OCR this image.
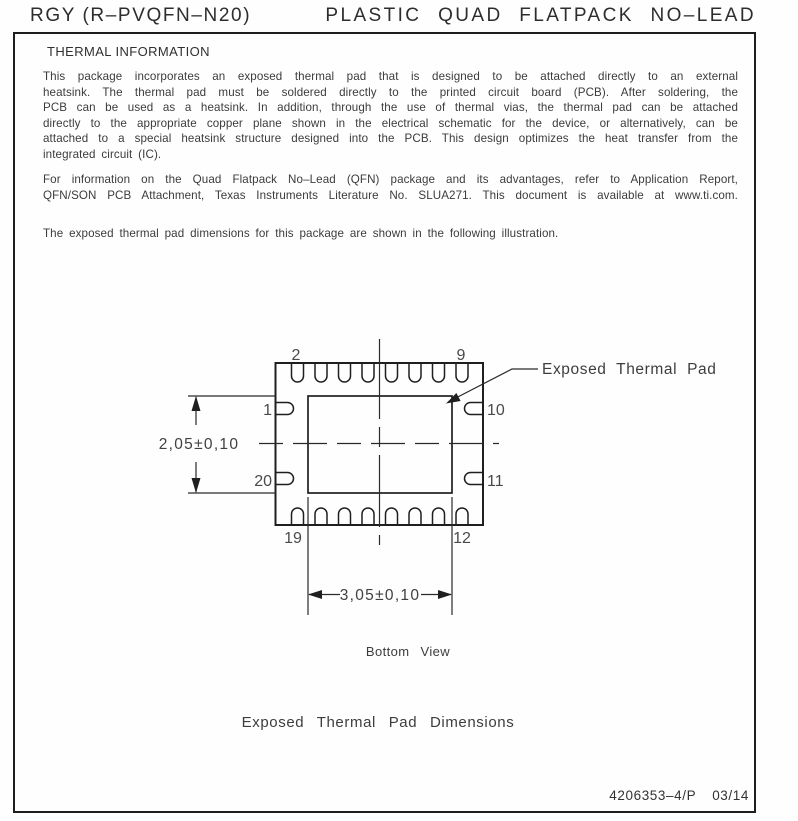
RGY (R–PVQFN–N20)	PLASTIC QUAD FLATPACK NO–LEAD
THERMAL INFORMATION
This package incorporates an exposed thermal pad that is designed to be attached directly to an external
heatsink. The thermal pad must be soldered directly to the printed circuit board (PCB). After soldering, the
PCB can be used as a heatsink. In addition, through the use of thermal vias, the thermal pad can be attached
directly to the appropriate copper plane shown in the electrical schematic for the device, or alternatively, can be
attached to a special heatsink structure designed into the PCB. This design optimizes the heat transfer from the
integrated circuit (IC).
For information on the Quad Flatpack No–Lead (QFN) package and its advantages, refer to Application Report,
QFN/SON PCB Attachment, Texas Instruments Literature No. SLUA271. This document is available at www.ti.com.
The exposed thermal pad dimensions for this package are shown in the following illustration.
2,05±0,10
3,05±0,10
Exposed Thermal Pad
2	9
1
20
10
11
19	12
Bottom View
Exposed Thermal Pad Dimensions
4206353–4/P 03/14
